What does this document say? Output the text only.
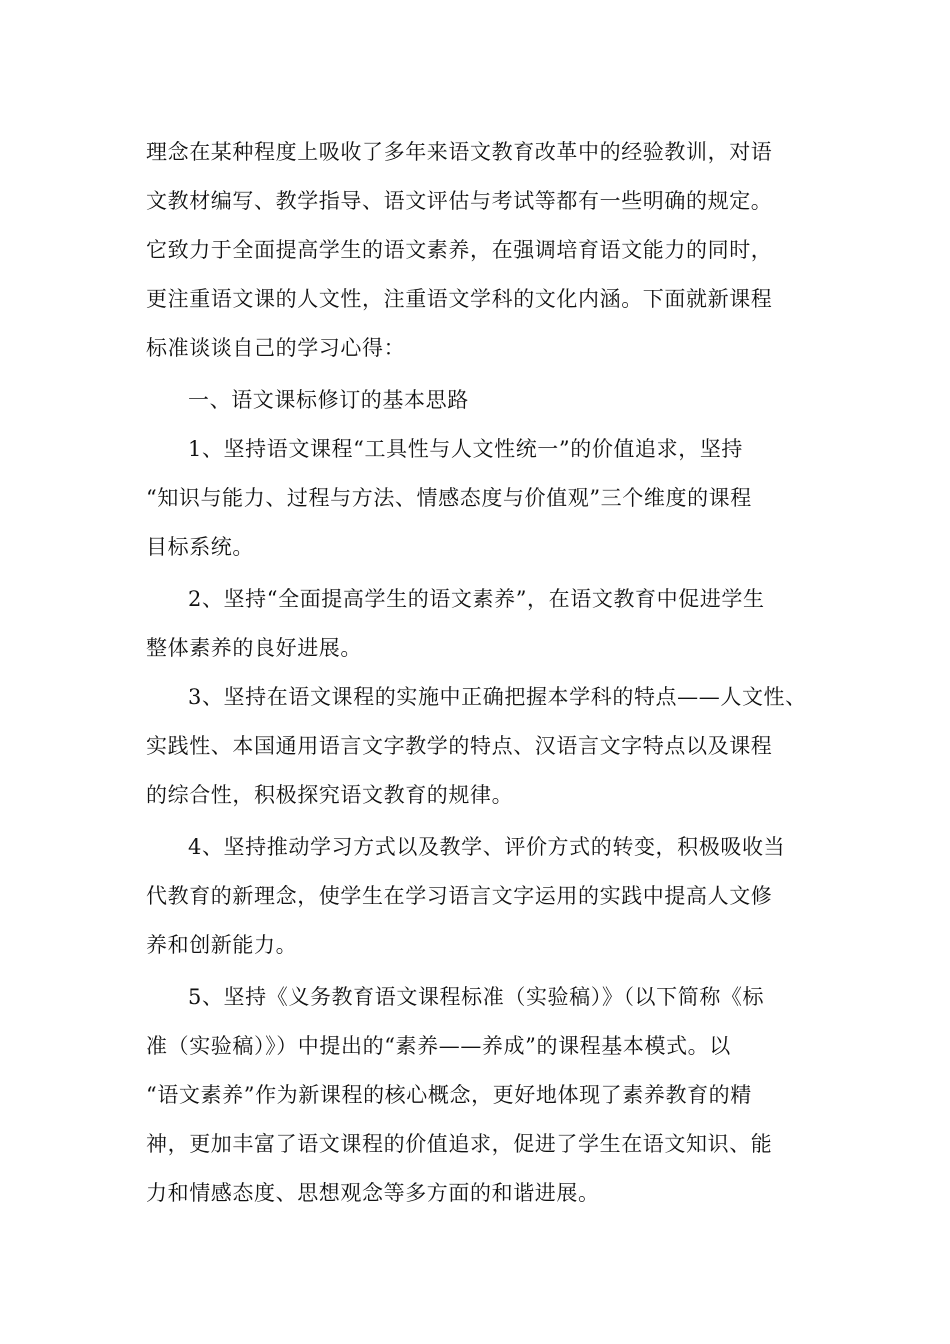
理念在某种程度上吸收了多年来语文教育改革中的经验教训，对语
文教材编写、教学指导、语文评估与考试等都有一些明确的规定。
它致力于全面提高学生的语文素养，在强调培育语文能力的同时，
更注重语文课的人文性，注重语文学科的文化内涵。下面就新课程
标准谈谈自己的学习心得：
一、语文课标修订的基本思路
1、坚持语文课程“工具性与人文性统一”的价值追求，坚持
“知识与能力、过程与方法、情感态度与价值观”三个维度的课程
目标系统。
2、坚持“全面提高学生的语文素养”，在语文教育中促进学生
整体素养的良好进展。
3、坚持在语文课程的实施中正确把握本学科的特点——人文性、
实践性、本国通用语言文字教学的特点、汉语言文字特点以及课程
的综合性，积极探究语文教育的规律。
4、坚持推动学习方式以及教学、评价方式的转变，积极吸收当
代教育的新理念，使学生在学习语言文字运用的实践中提高人文修
养和创新能力。
5、坚持《义务教育语文课程标准（实验稿）》（以下简称《标
准（实验稿）》）中提出的“素养——养成”的课程基本模式。以
“语文素养”作为新课程的核心概念，更好地体现了素养教育的精
神，更加丰富了语文课程的价值追求，促进了学生在语文知识、能
力和情感态度、思想观念等多方面的和谐进展。
